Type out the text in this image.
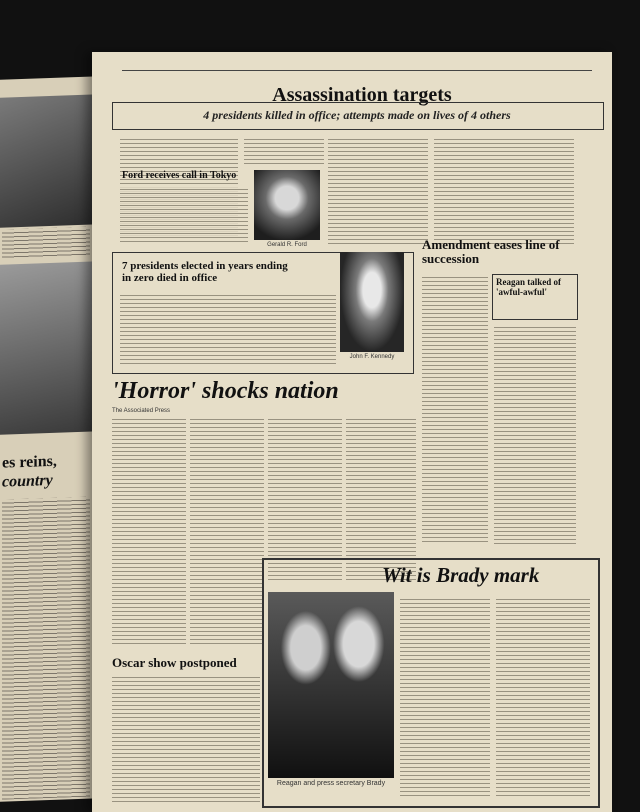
es reins,
country
Assassination targets
4 presidents killed in office; attempts made on lives of 4 others
Ford receives call in Tokyo
Gerald R. Ford
7 presidents elected in years ending in zero died in office
John F. Kennedy
Amendment eases line of succession
Reagan talked of 'awful-awful'
'Horror' shocks nation
The Associated Press
Oscar show postponed
Wit is Brady mark
Reagan and press secretary Brady
